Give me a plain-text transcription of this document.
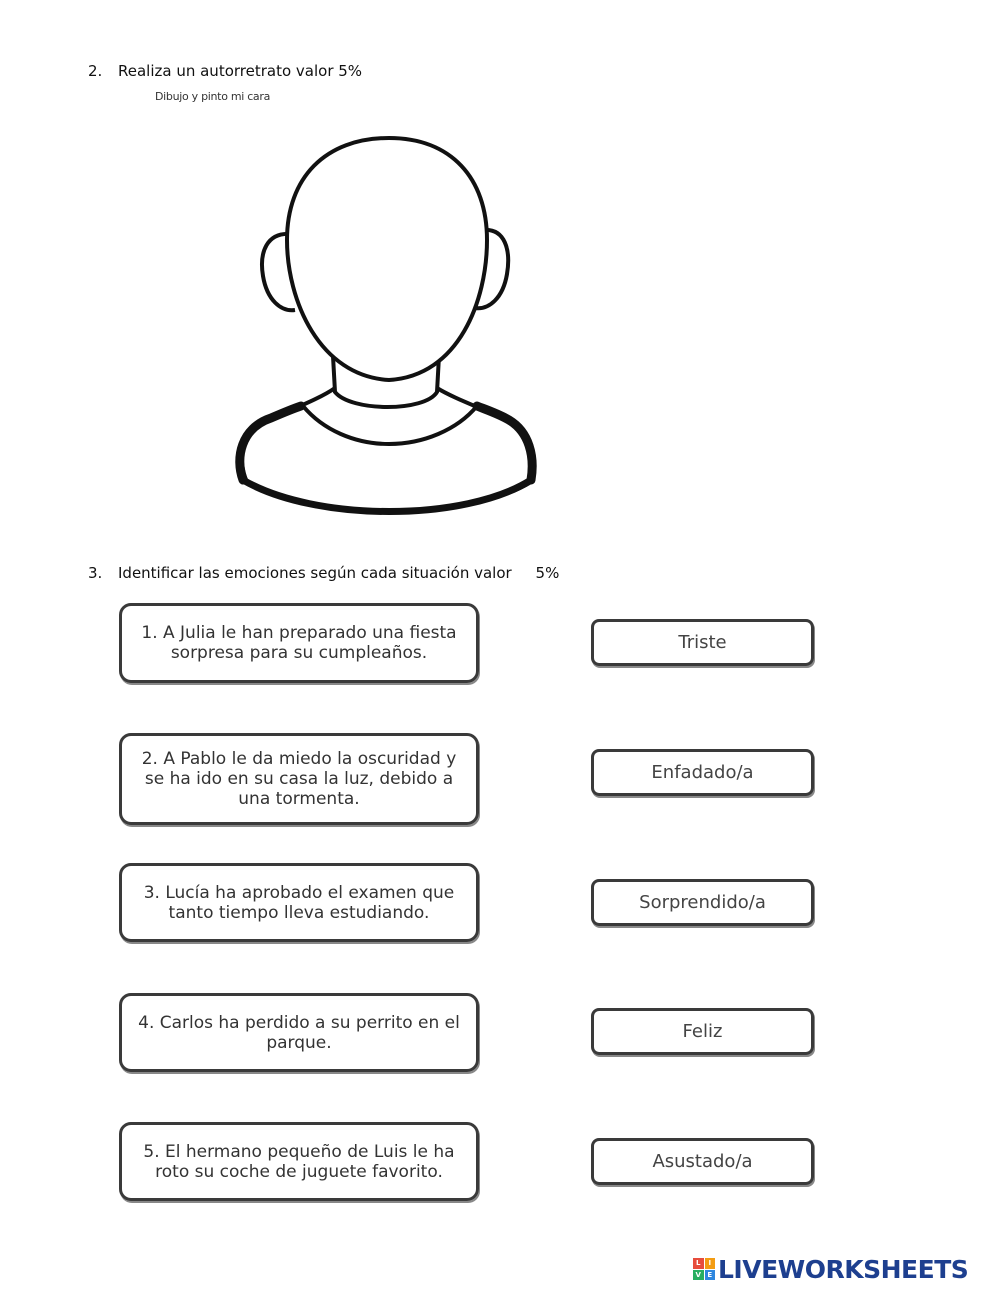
2. Realiza un autorretrato valor 5%
Dibujo y pinto mi cara
3. Identificar las emociones según cada situación valor     5%
1. A Julia le han preparado una fiesta sorpresa para su cumpleaños.
2. A Pablo le da miedo la oscuridad y se ha ido en su casa la luz, debido a una tormenta.
3. Lucía ha aprobado el examen que tanto tiempo lleva estudiando.
4. Carlos ha perdido a su perrito en el parque.
5. El hermano pequeño de Luis le ha roto su coche de juguete favorito.
Triste
Enfadado/a
Sorprendido/a
Feliz
Asustado/a
L	I
V E LIVEWORKSHEETS
